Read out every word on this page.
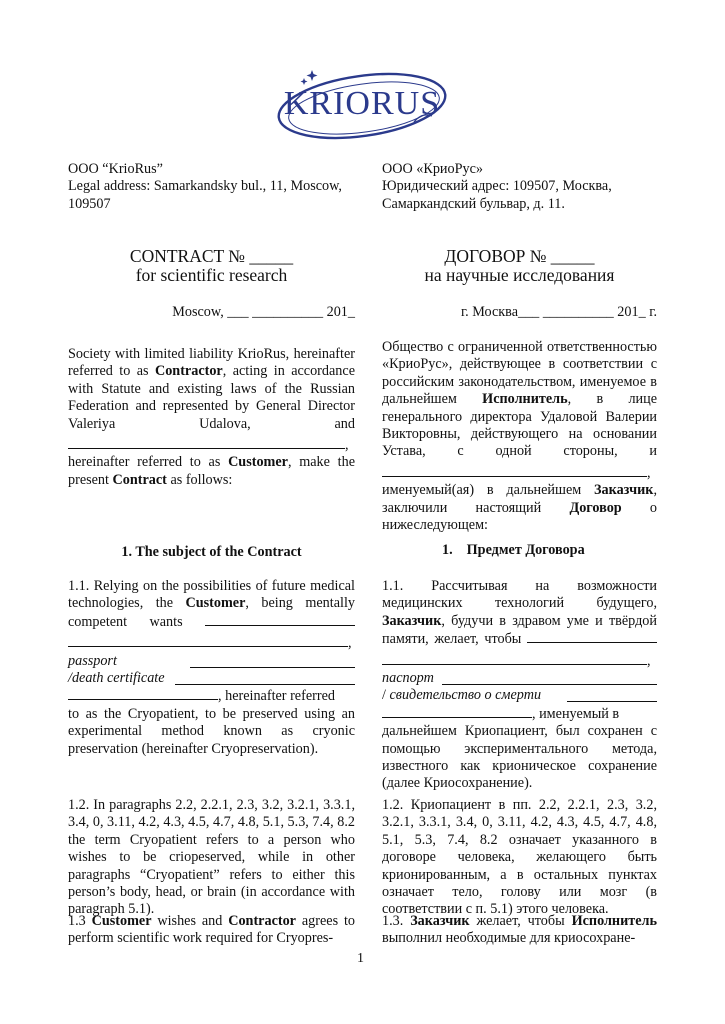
KRIORUS
OOO “KrioRus”
Legal address: Samarkandsky bul., 11, Moscow, 109507
ООО «КриоРус»
Юридический адрес: 109507, Москва, Самаркандский бульвар, д. 11.
CONTRACT № _____
for scientific research
ДОГОВОР № _____
на научные исследования
Moscow, ___ __________ 201_	г. Москва___ __________ 201_ г.
Society with limited liability KrioRus, hereinafter referred to as Contractor, acting in accordance with Statute and existing laws of the Russian Federation and represented by General Director Valeriya Udalova, and , hereinafter referred to as Customer, make the present Contract as follows:
Общество с ограниченной ответственностью «КриоРус», действующее в соответствии с российским законодательством, именуемое в дальнейшем Исполнитель, в лице генерального директора Удаловой Валерии Викторовны, действующего на основании Устава, с одной стороны, и , именуемый(ая) в дальнейшем Заказчик, заключили настоящий Договор о нижеследующем:
1. The subject of the Contract	1. Предмет Договора
1.1. Relying on the possibilities of future medical technologies, the Customer, being mentally competent wants  ,
passport
/death certificate
, hereinafter referred
to as the Cryopatient, to be preserved using an experimental method known as cryonic preservation (hereinafter Cryopreservation).
1.1. Рассчитывая на возможности медицинских технологий будущего, Заказчик, будучи в здравом уме и твёрдой памяти, желает, чтобы  ,
паспорт
/ свидетельство о смерти
, именуемый в
дальнейшем Криопациент, был сохранен с помощью экспериментального метода, известного как крионическое сохранение (далее Криосохранение).
1.2. In paragraphs 2.2, 2.2.1, 2.3, 3.2, 3.2.1, 3.3.1, 3.4, 0, 3.11, 4.2, 4.3, 4.5, 4.7, 4.8, 5.1, 5.3, 7.4, 8.2 the term Cryopatient refers to a person who wishes to be criopeserved, while in other paragraphs “Cryopatient” refers to either this person’s body, head, or brain (in accordance with paragraph 5.1).
1.2. Криопациент в пп. 2.2, 2.2.1, 2.3, 3.2, 3.2.1, 3.3.1, 3.4, 0, 3.11, 4.2, 4.3, 4.5, 4.7, 4.8, 5.1, 5.3, 7.4, 8.2 означает указанного в договоре человека, желающего быть крионированным, а в остальных пунктах означает тело, голову или мозг (в соответствии с п. 5.1) этого человека.
1.3 Customer wishes and Contractor agrees to perform scientific work required for Cryopres-
1.3. Заказчик желает, чтобы Исполнитель выполнил необходимые для криосохране-
1
